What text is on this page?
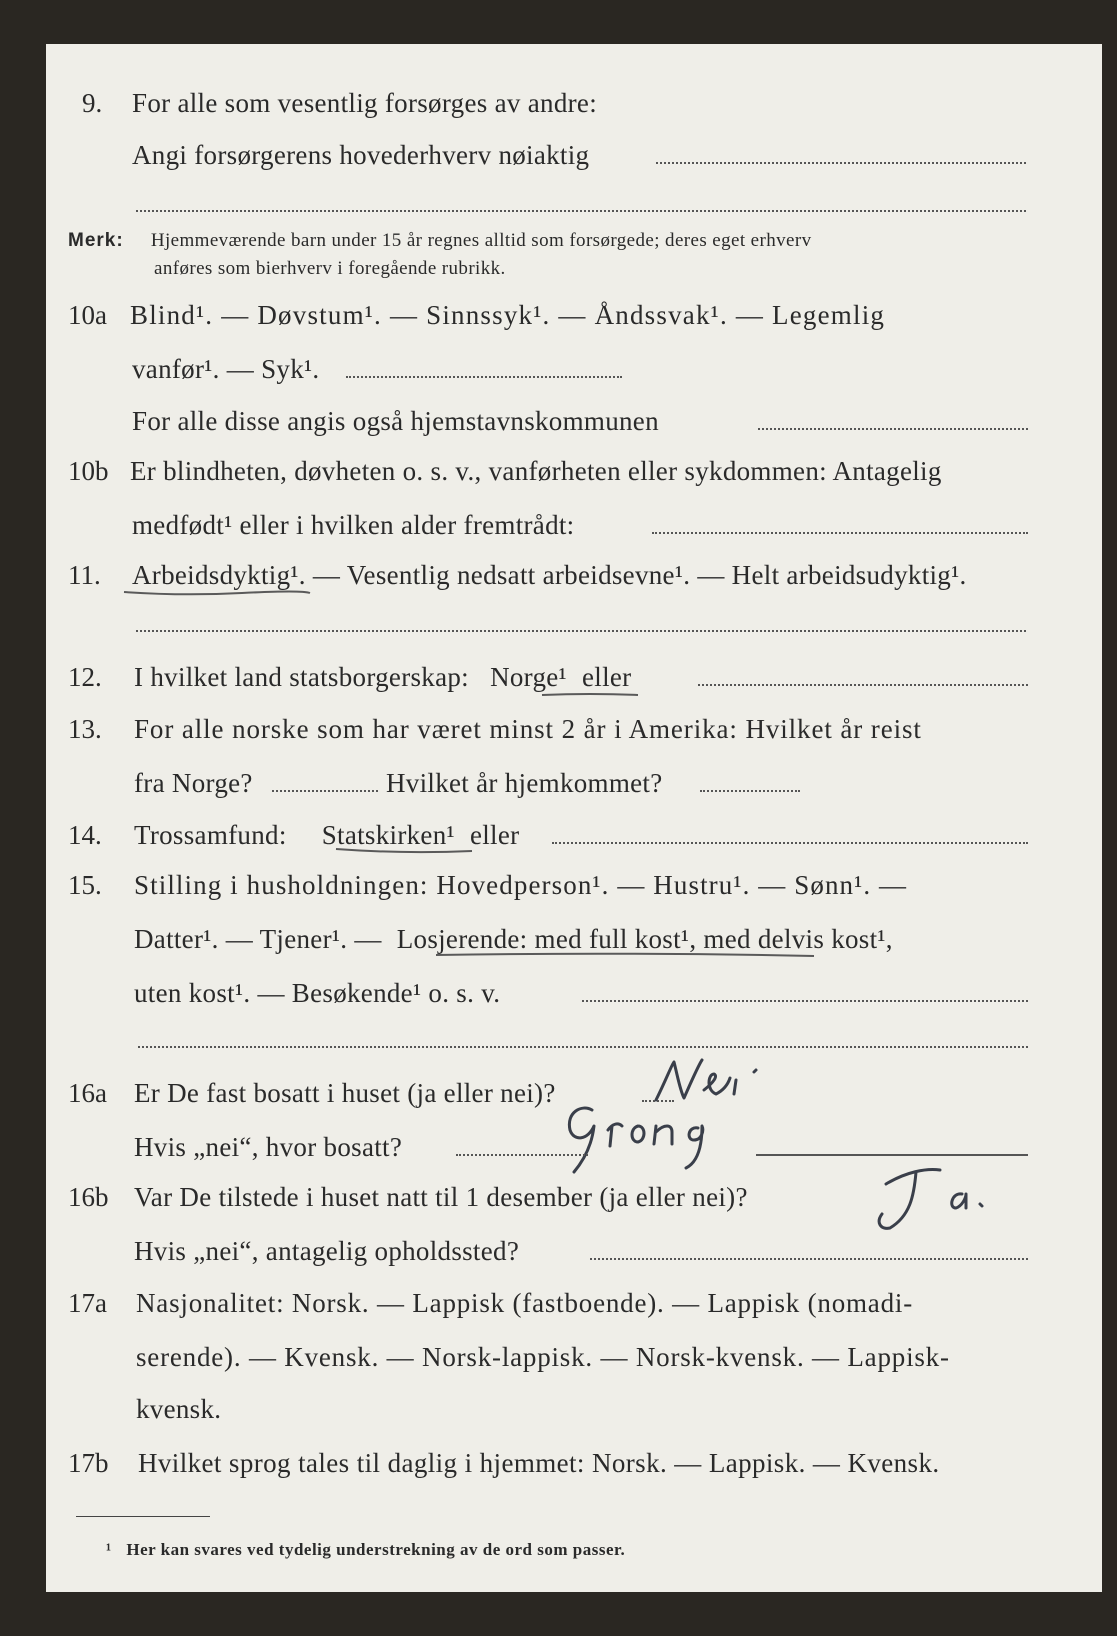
9. For alle som vesentlig forsørges av andre:
Angi forsørgerens hovederhverv nøiaktig
Merk: Hjemmeværende barn under 15 år regnes alltid som forsørgede; deres eget erhverv
anføres som bierhverv i foregående rubrikk.
10a Blind¹. — Døvstum¹. — Sinnssyk¹. — Åndssvak¹. — Legemlig
vanfør¹. — Syk¹.
For alle disse angis også hjemstavnskommunen
10b Er blindheten, døvheten o. s. v., vanførheten eller sykdommen: Antagelig
medfødt¹ eller i hvilken alder fremtrådt:
11. Arbeidsdyktig¹. — Vesentlig nedsatt arbeidsevne¹. — Helt arbeidsudyktig¹.
12. I hvilket land statsborgerskap: Norge¹ eller
13. For alle norske som har været minst 2 år i Amerika: Hvilket år reist
fra Norge?	Hvilket år hjemkommet?
14. Trossamfund: Statskirken¹ eller
15. Stilling i husholdningen: Hovedperson¹. — Hustru¹. — Sønn¹. —
Datter¹. — Tjener¹. — Losjerende: med full kost¹, med delvis kost¹,
uten kost¹. — Besøkende¹ o. s. v.
16a Er De fast bosatt i huset (ja eller nei)?
Hvis „nei“, hvor bosatt?
16b Var De tilstede i huset natt til 1 desember (ja eller nei)?
Hvis „nei“, antagelig opholdssted?
17a Nasjonalitet: Norsk. — Lappisk (fastboende). — Lappisk (nomadi-
serende). — Kvensk. — Norsk-lappisk. — Norsk-kvensk. — Lappisk-
kvensk.
17b Hvilket sprog tales til daglig i hjemmet: Norsk. — Lappisk. — Kvensk.
¹ Her kan svares ved tydelig understrekning av de ord som passer.
